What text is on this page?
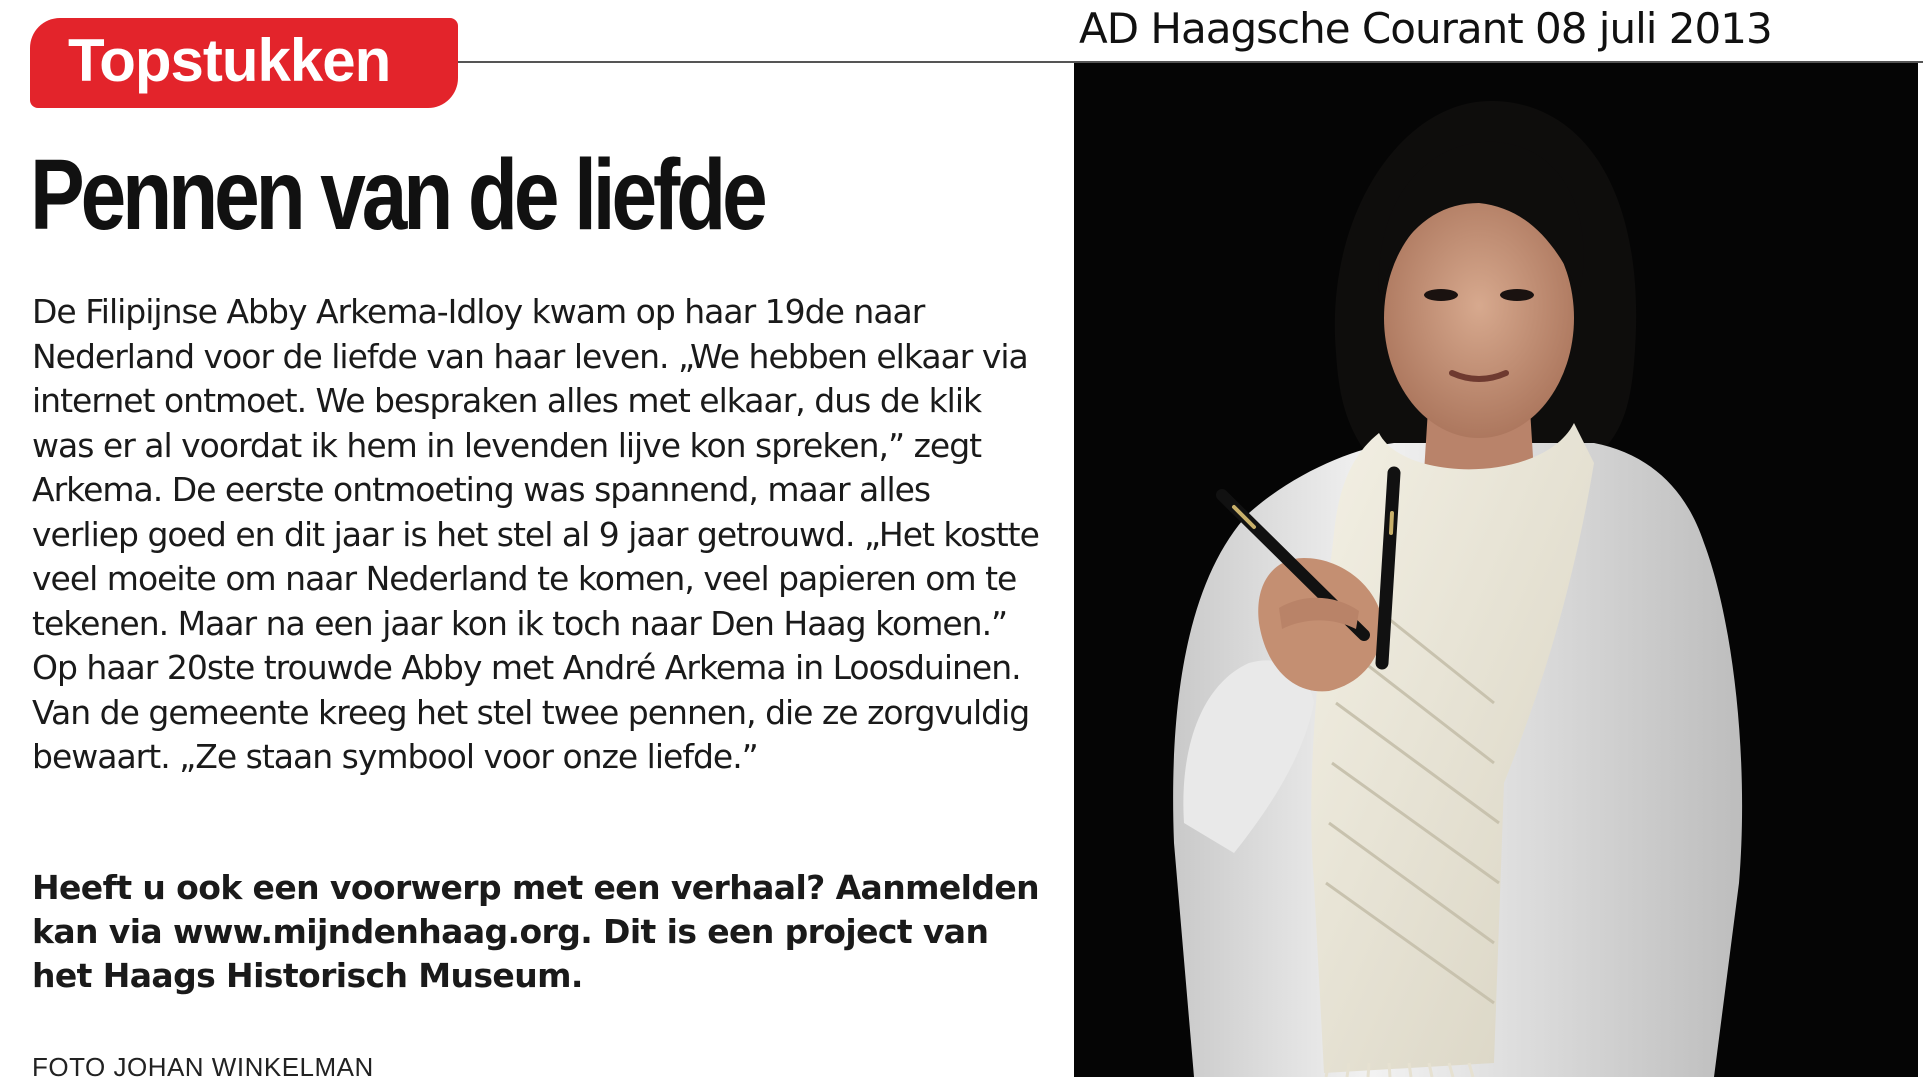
Topstukken	AD Haagsche Courant 08 juli 2013
Pennen van de liefde

De Filipijnse Abby Arkema-Idloy kwam op haar 19de naar Nederland voor de liefde van haar leven. „We hebben elkaar via internet ontmoet. We bespraken alles met elkaar, dus de klik was er al voordat ik hem in levenden lijve kon spreken,” zegt Arkema. De eerste ontmoeting was spannend, maar alles verliep goed en dit jaar is het stel al 9 jaar getrouwd. „Het kostte veel moeite om naar Nederland te komen, veel papieren om te tekenen. Maar na een jaar kon ik toch naar Den Haag komen.” Op haar 20ste trouwde Abby met André Arkema in Loosduinen. Van de gemeente kreeg het stel twee pennen, die ze zorgvuldig bewaart. „Ze staan symbool voor onze liefde.”

Heeft u ook een voorwerp met een verhaal? Aanmelden kan via www.mijndenhaag.org. Dit is een project van het Haags Historisch Museum.

FOTO JOHAN WINKELMAN
